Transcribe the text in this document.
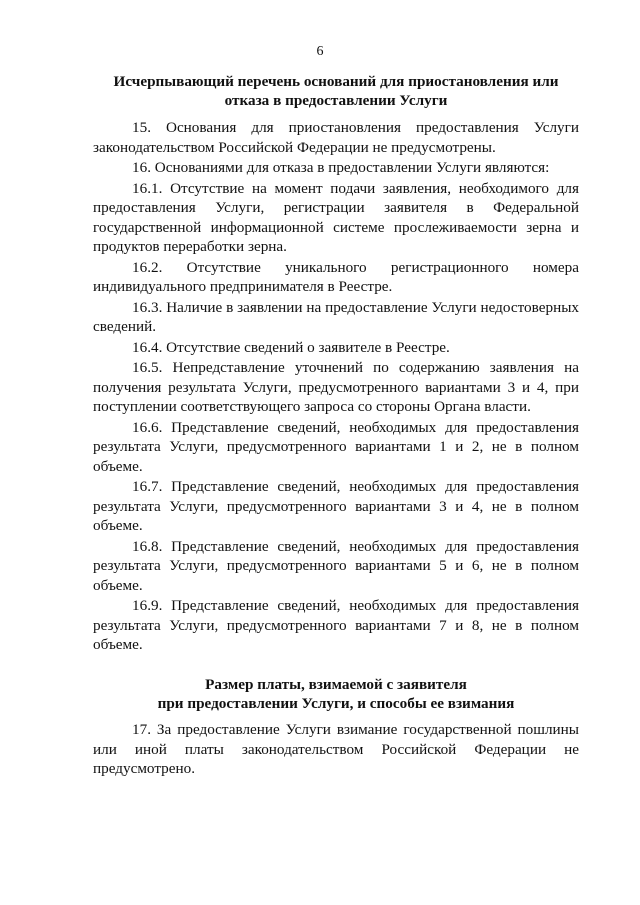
6
Исчерпывающий перечень оснований для приостановления или
отказа в предоставлении Услуги

15. Основания для приостановления предоставления Услуги законодательством Российской Федерации не предусмотрены.

16. Основаниями для отказа в предоставлении Услуги являются:

16.1. Отсутствие на момент подачи заявления, необходимого для предоставления Услуги, регистрации заявителя в Федеральной государственной информационной системе прослеживаемости зерна и продуктов переработки зерна.

16.2. Отсутствие уникального регистрационного номера индивидуального предпринимателя в Реестре.

16.3. Наличие в заявлении на предоставление Услуги недостоверных сведений.

16.4. Отсутствие сведений о заявителе в Реестре.

16.5. Непредставление уточнений по содержанию заявления на получения результата Услуги, предусмотренного вариантами 3 и 4, при поступлении соответствующего запроса со стороны Органа власти.

16.6. Представление сведений, необходимых для предоставления результата Услуги, предусмотренного вариантами 1 и 2, не в полном объеме.

16.7. Представление сведений, необходимых для предоставления результата Услуги, предусмотренного вариантами 3 и 4, не в полном объеме.

16.8. Представление сведений, необходимых для предоставления результата Услуги, предусмотренного вариантами 5 и 6, не в полном объеме.

16.9. Представление сведений, необходимых для предоставления результата Услуги, предусмотренного вариантами 7 и 8, не в полном объеме.

Размер платы, взимаемой с заявителя
при предоставлении Услуги, и способы ее взимания

17. За предоставление Услуги взимание государственной пошлины или иной платы законодательством Российской Федерации не предусмотрено.
